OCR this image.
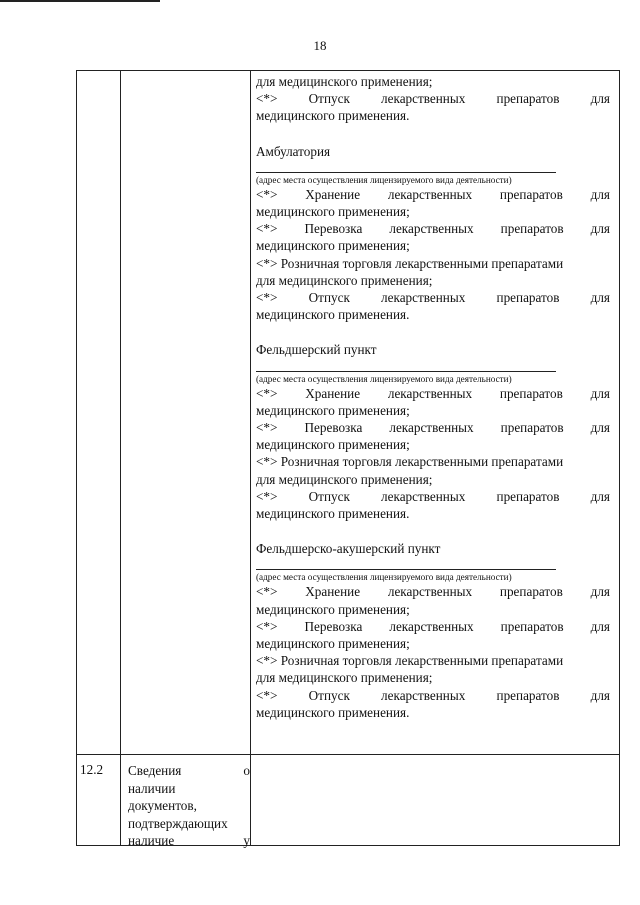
18
для медицинского применения;
<*> Отпуск лекарственных препаратов для
медицинского применения.
Амбулатория
(адрес места осуществления лицензируемого вида деятельности)
<*> Хранение лекарственных препаратов для
медицинского применения;
<*> Перевозка лекарственных препаратов для
медицинского применения;
<*> Розничная торговля лекарственными препаратами
для медицинского применения;
<*> Отпуск лекарственных препаратов для
медицинского применения.
Фельдшерский пункт
(адрес места осуществления лицензируемого вида деятельности)
<*> Хранение лекарственных препаратов для
медицинского применения;
<*> Перевозка лекарственных препаратов для
медицинского применения;
<*> Розничная торговля лекарственными препаратами
для медицинского применения;
<*> Отпуск лекарственных препаратов для
медицинского применения.
Фельдшерско-акушерский пункт
(адрес места осуществления лицензируемого вида деятельности)
<*> Хранение лекарственных препаратов для
медицинского применения;
<*> Перевозка лекарственных препаратов для
медицинского применения;
<*> Розничная торговля лекарственными препаратами
для медицинского применения;
<*> Отпуск лекарственных препаратов для
медицинского применения.
12.2 Сведения	о
наличии
документов,
подтверждающих
наличие	у
